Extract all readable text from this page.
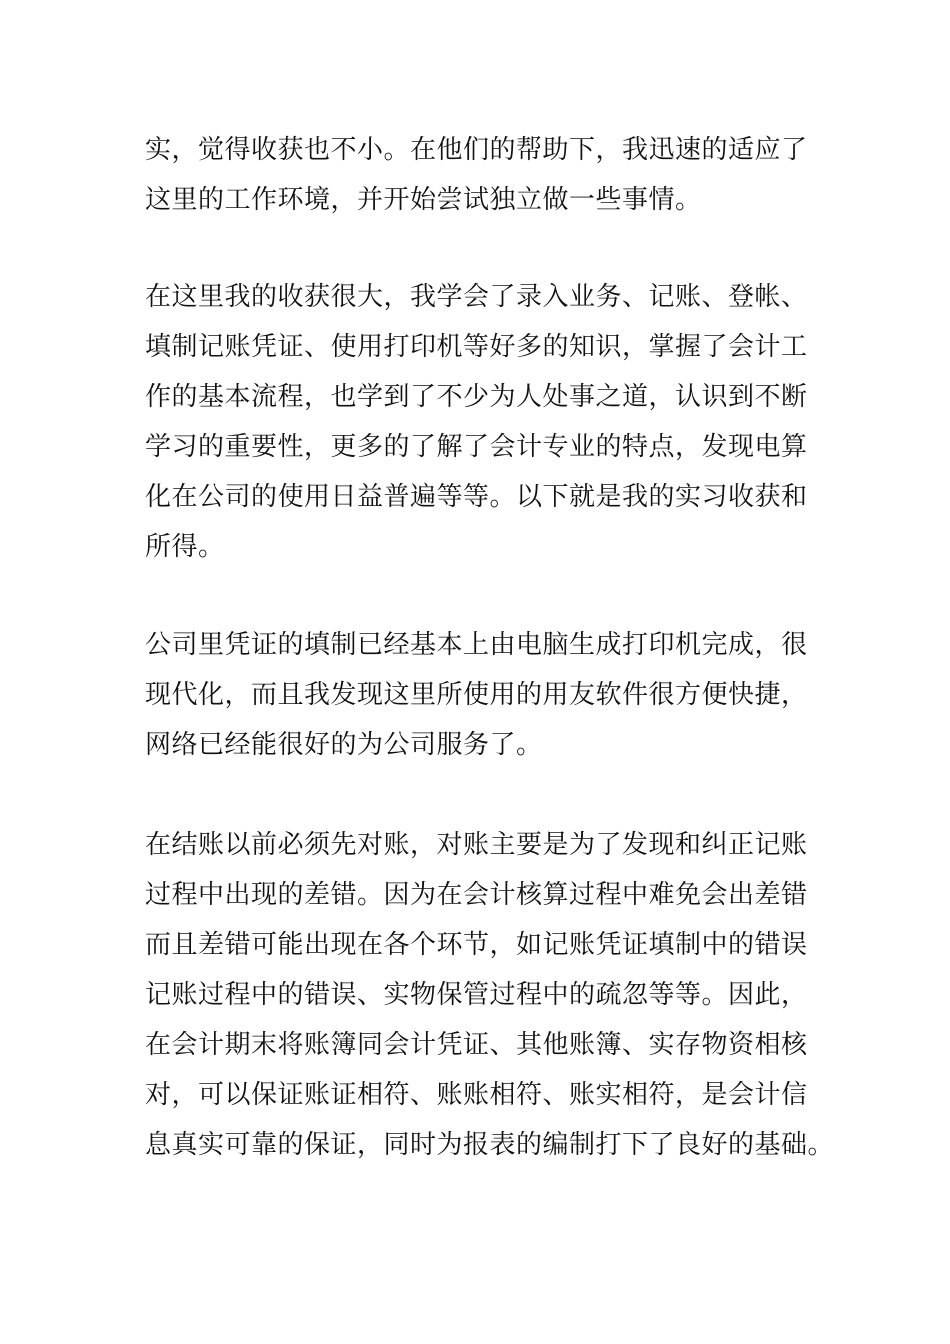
实，觉得收获也不小。在他们的帮助下，我迅速的适应了
这里的工作环境，并开始尝试独立做一些事情。
在这里我的收获很大，我学会了录入业务、记账、登帐、
填制记账凭证、使用打印机等好多的知识，掌握了会计工
作的基本流程，也学到了不少为人处事之道，认识到不断
学习的重要性，更多的了解了会计专业的特点，发现电算
化在公司的使用日益普遍等等。以下就是我的实习收获和
所得。
公司里凭证的填制已经基本上由电脑生成打印机完成，很
现代化，而且我发现这里所使用的用友软件很方便快捷，
网络已经能很好的为公司服务了。
在结账以前必须先对账，对账主要是为了发现和纠正记账
过程中出现的差错。因为在会计核算过程中难免会出差错
而且差错可能出现在各个环节，如记账凭证填制中的错误
记账过程中的错误、实物保管过程中的疏忽等等。因此，
在会计期末将账簿同会计凭证、其他账簿、实存物资相核
对，可以保证账证相符、账账相符、账实相符，是会计信
息真实可靠的保证，同时为报表的编制打下了良好的基础。
